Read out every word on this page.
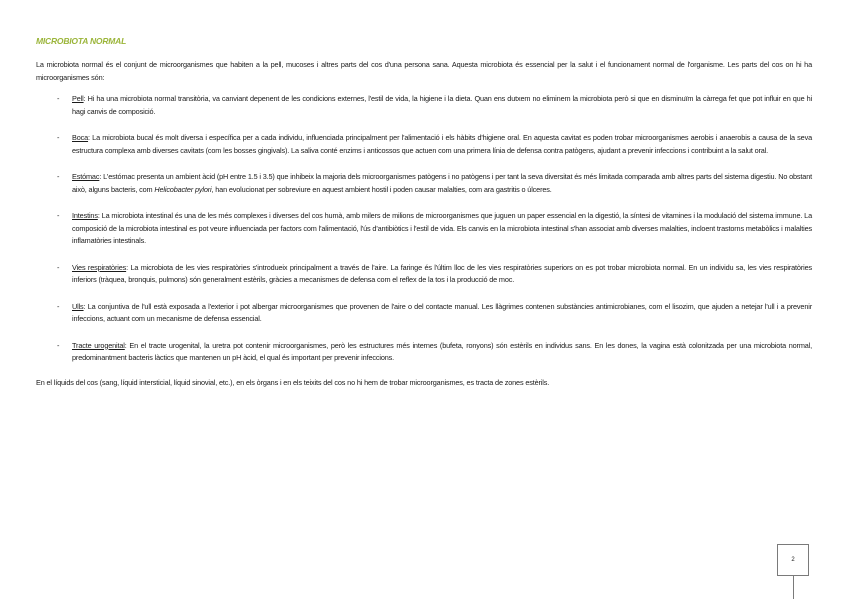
MICROBIOTA NORMAL

La microbiota normal és el conjunt de microorganismes que habiten a la pell, mucoses i altres parts del cos d'una persona sana. Aquesta microbiota és essencial per la salut i el funcionament normal de l'organisme. Les parts del cos on hi ha microorganismes són:

- Pell: Hi ha una microbiota normal transitòria, va canviant depenent de les condicions externes, l'estil de vida, la higiene i la dieta. Quan ens dutxem no eliminem la microbiota però si que en disminuïm la càrrega fet que pot influir en que hi hagi canvis de composició.
- Boca: La microbiota bucal és molt diversa i específica per a cada individu, influenciada principalment per l'alimentació i els hàbits d'higiene oral. En aquesta cavitat es poden trobar microorganismes aerobis i anaerobis a causa de la seva estructura complexa amb diverses cavitats (com les bosses gingivals). La saliva conté enzims i anticossos que actuen com una primera línia de defensa contra patògens, ajudant a prevenir infeccions i contribuint a la salut oral.
- Estómac: L'estómac presenta un ambient àcid (pH entre 1.5 i 3.5) que inhibeix la majoria dels microorganismes patògens i no patògens i per tant la seva diversitat és més limitada comparada amb altres parts del sistema digestiu. No obstant això, alguns bacteris, com Helicobacter pylori, han evolucionat per sobreviure en aquest ambient hostil i poden causar malalties, com ara gastritis o úlceres.
- Intestins: La microbiota intestinal és una de les més complexes i diverses del cos humà, amb milers de milions de microorganismes que juguen un paper essencial en la digestió, la síntesi de vitamines i la modulació del sistema immune. La composició de la microbiota intestinal es pot veure influenciada per factors com l'alimentació, l'ús d'antibiòtics i l'estil de vida. Els canvis en la microbiota intestinal s'han associat amb diverses malalties, incloent trastorns metabòlics i malalties inflamatòries intestinals.
- Vies respiratòries: La microbiota de les vies respiratòries s'introdueix principalment a través de l'aire. La faringe és l'últim lloc de les vies respiratòries superiors on es pot trobar microbiota normal. En un individu sa, les vies respiratòries inferiors (tràquea, bronquis, pulmons) són generalment estèrils, gràcies a mecanismes de defensa com el reflex de la tos i la producció de moc.
- Ulls: La conjuntiva de l'ull està exposada a l'exterior i pot albergar microorganismes que provenen de l'aire o del contacte manual. Les llàgrimes contenen substàncies antimicrobianes, com el lisozim, que ajuden a netejar l'ull i a prevenir infeccions, actuant com un mecanisme de defensa essencial.
- Tracte urogenital: En el tracte urogenital, la uretra pot contenir microorganismes, però les estructures més internes (bufeta, ronyons) són estèrils en individus sans. En les dones, la vagina està colonitzada per una microbiota normal, predominantment bacteris làctics que mantenen un pH àcid, el qual és important per prevenir infeccions.

En el líquids del cos (sang, líquid intersticial, líquid sinovial, etc.), en els òrgans i en els teixits del cos no hi hem de trobar microorganismes, es tracta de zones estèrils.

2
